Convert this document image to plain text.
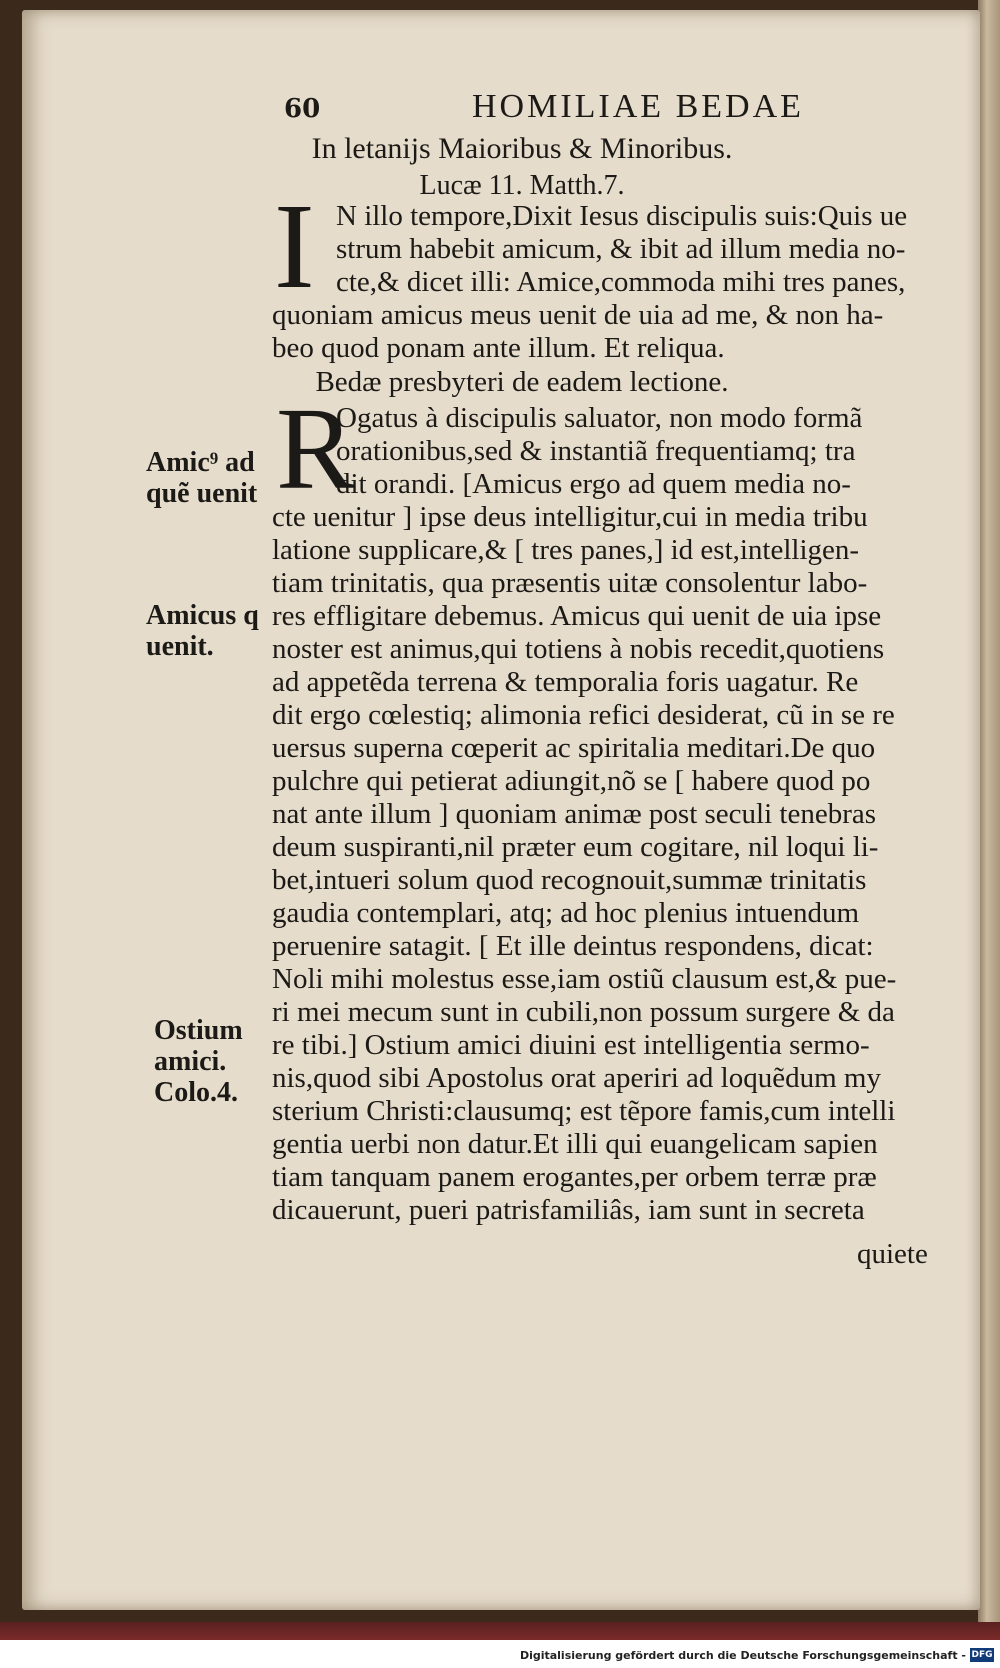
60	HOMILIAE BEDAE
In letanijs Maioribus & Minoribus.
Lucæ 11. Matth.7.
I N illo tempore,Dixit Iesus discipulis suis:Quis ue
strum habebit amicum, & ibit ad illum media no-
cte,& dicet illi: Amice,commoda mihi tres panes,
quoniam amicus meus uenit de uia ad me, & non ha-
beo quod ponam ante illum. Et reliqua.
Bedæ presbyteri de eadem lectione.
R
Ogatus à discipulis saluator, non modo formã
orationibus,sed & instantiã frequentiamq; tra
dit orandi. [Amicus ergo ad quem media no-
cte uenitur ] ipse deus intelligitur,cui in media tribu
latione supplicare,& [ tres panes,] id est,intelligen-
tiam trinitatis, qua præsentis uitæ consolentur labo-
res effligitare debemus. Amicus qui uenit de uia ipse
noster est animus,qui totiens à nobis recedit,quotiens
ad appetẽda terrena & temporalia foris uagatur. Re
dit ergo cœlestiq; alimonia refici desiderat, cũ in se re
uersus superna cœperit ac spiritalia meditari.De quo
pulchre qui petierat adiungit,nõ se [ habere quod po
nat ante illum ] quoniam animæ post seculi tenebras
deum suspiranti,nil præter eum cogitare, nil loqui li-
bet,intueri solum quod recognouit,summæ trinitatis
gaudia contemplari, atq; ad hoc plenius intuendum
peruenire satagit. [ Et ille deintus respondens, dicat:
Noli mihi molestus esse,iam ostiũ clausum est,& pue-
ri mei mecum sunt in cubili,non possum surgere & da
re tibi.] Ostium amici diuini est intelligentia sermo-
nis,quod sibi Apostolus orat aperiri ad loquẽdum my
sterium Christi:clausumq; est tẽpore famis,cum intelli
gentia uerbi non datur.Et illi qui euangelicam sapien
tiam tanquam panem erogantes,per orbem terræ præ
dicauerunt, pueri patrisfamiliâs, iam sunt in secreta
quiete
Amic⁹ ad
quẽ uenit
Amicus q
uenit.
Ostium
amici.
Colo.4.
Digitalisierung gefördert durch die Deutsche Forschungsgemeinschaft - DFG
